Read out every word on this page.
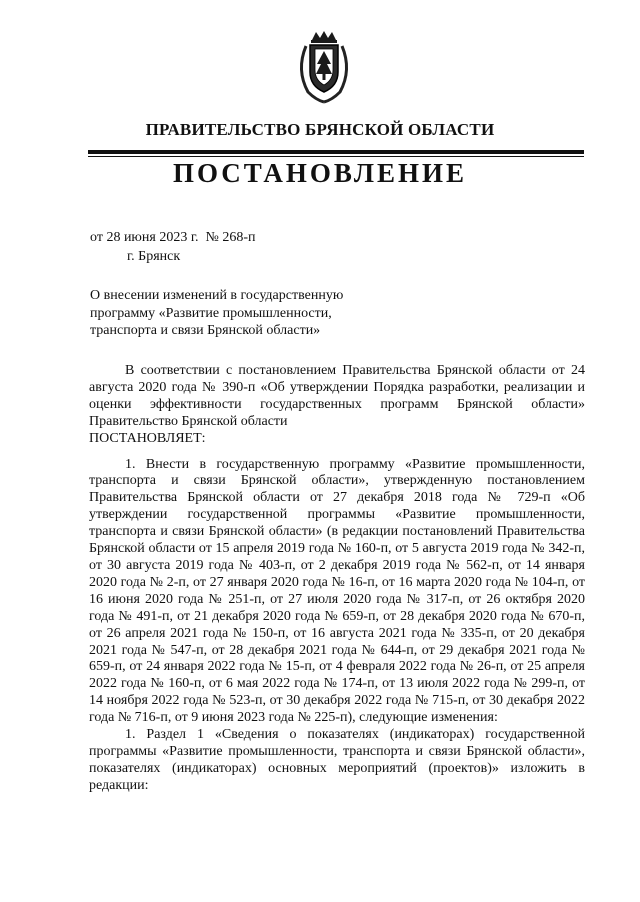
ПРАВИТЕЛЬСТВО БРЯНСКОЙ ОБЛАСТИ
ПОСТАНОВЛЕНИЕ
от 28 июня 2023 г. № 268-п
г. Брянск
О внесении изменений в государственную
программу «Развитие промышленности,
транспорта и связи Брянской области»

В соответствии с постановлением Правительства Брянской области от 24 августа 2020 года № 390-п «Об утверждении Порядка разработки, реализации и оценки эффективности государственных программ Брянской области» Правительство Брянской области

ПОСТАНОВЛЯЕТ:

1. Внести в государственную программу «Развитие промышленности, транспорта и связи Брянской области», утвержденную постановлением Правительства Брянской области от 27 декабря 2018 года № 729-п «Об утверждении государственной программы «Развитие промышленности, транспорта и связи Брянской области» (в редакции постановлений Правительства Брянской области от 15 апреля 2019 года № 160-п, от 5 августа 2019 года № 342-п, от 30 августа 2019 года № 403-п, от 2 декабря 2019 года № 562-п, от 14 января 2020 года № 2-п, от 27 января 2020 года № 16-п, от 16 марта 2020 года № 104-п, от 16 июня 2020 года № 251-п, от 27 июля 2020 года № 317-п, от 26 октября 2020 года № 491-п, от 21 декабря 2020 года № 659-п, от 28 декабря 2020 года № 670-п, от 26 апреля 2021 года № 150-п, от 16 августа 2021 года № 335-п, от 20 декабря 2021 года № 547-п, от 28 декабря 2021 года № 644-п, от 29 декабря 2021 года № 659-п, от 24 января 2022 года № 15-п, от 4 февраля 2022 года № 26-п, от 25 апреля 2022 года № 160-п, от 6 мая 2022 года № 174-п, от 13 июля 2022 года № 299-п, от 14 ноября 2022 года № 523-п, от 30 декабря 2022 года № 715-п, от 30 декабря 2022 года № 716-п, от 9 июня 2023 года № 225-п), следующие изменения:

1. Раздел 1 «Сведения о показателях (индикаторах) государственной программы «Развитие промышленности, транспорта и связи Брянской области», показателях (индикаторах) основных мероприятий (проектов)» изложить в редакции:
